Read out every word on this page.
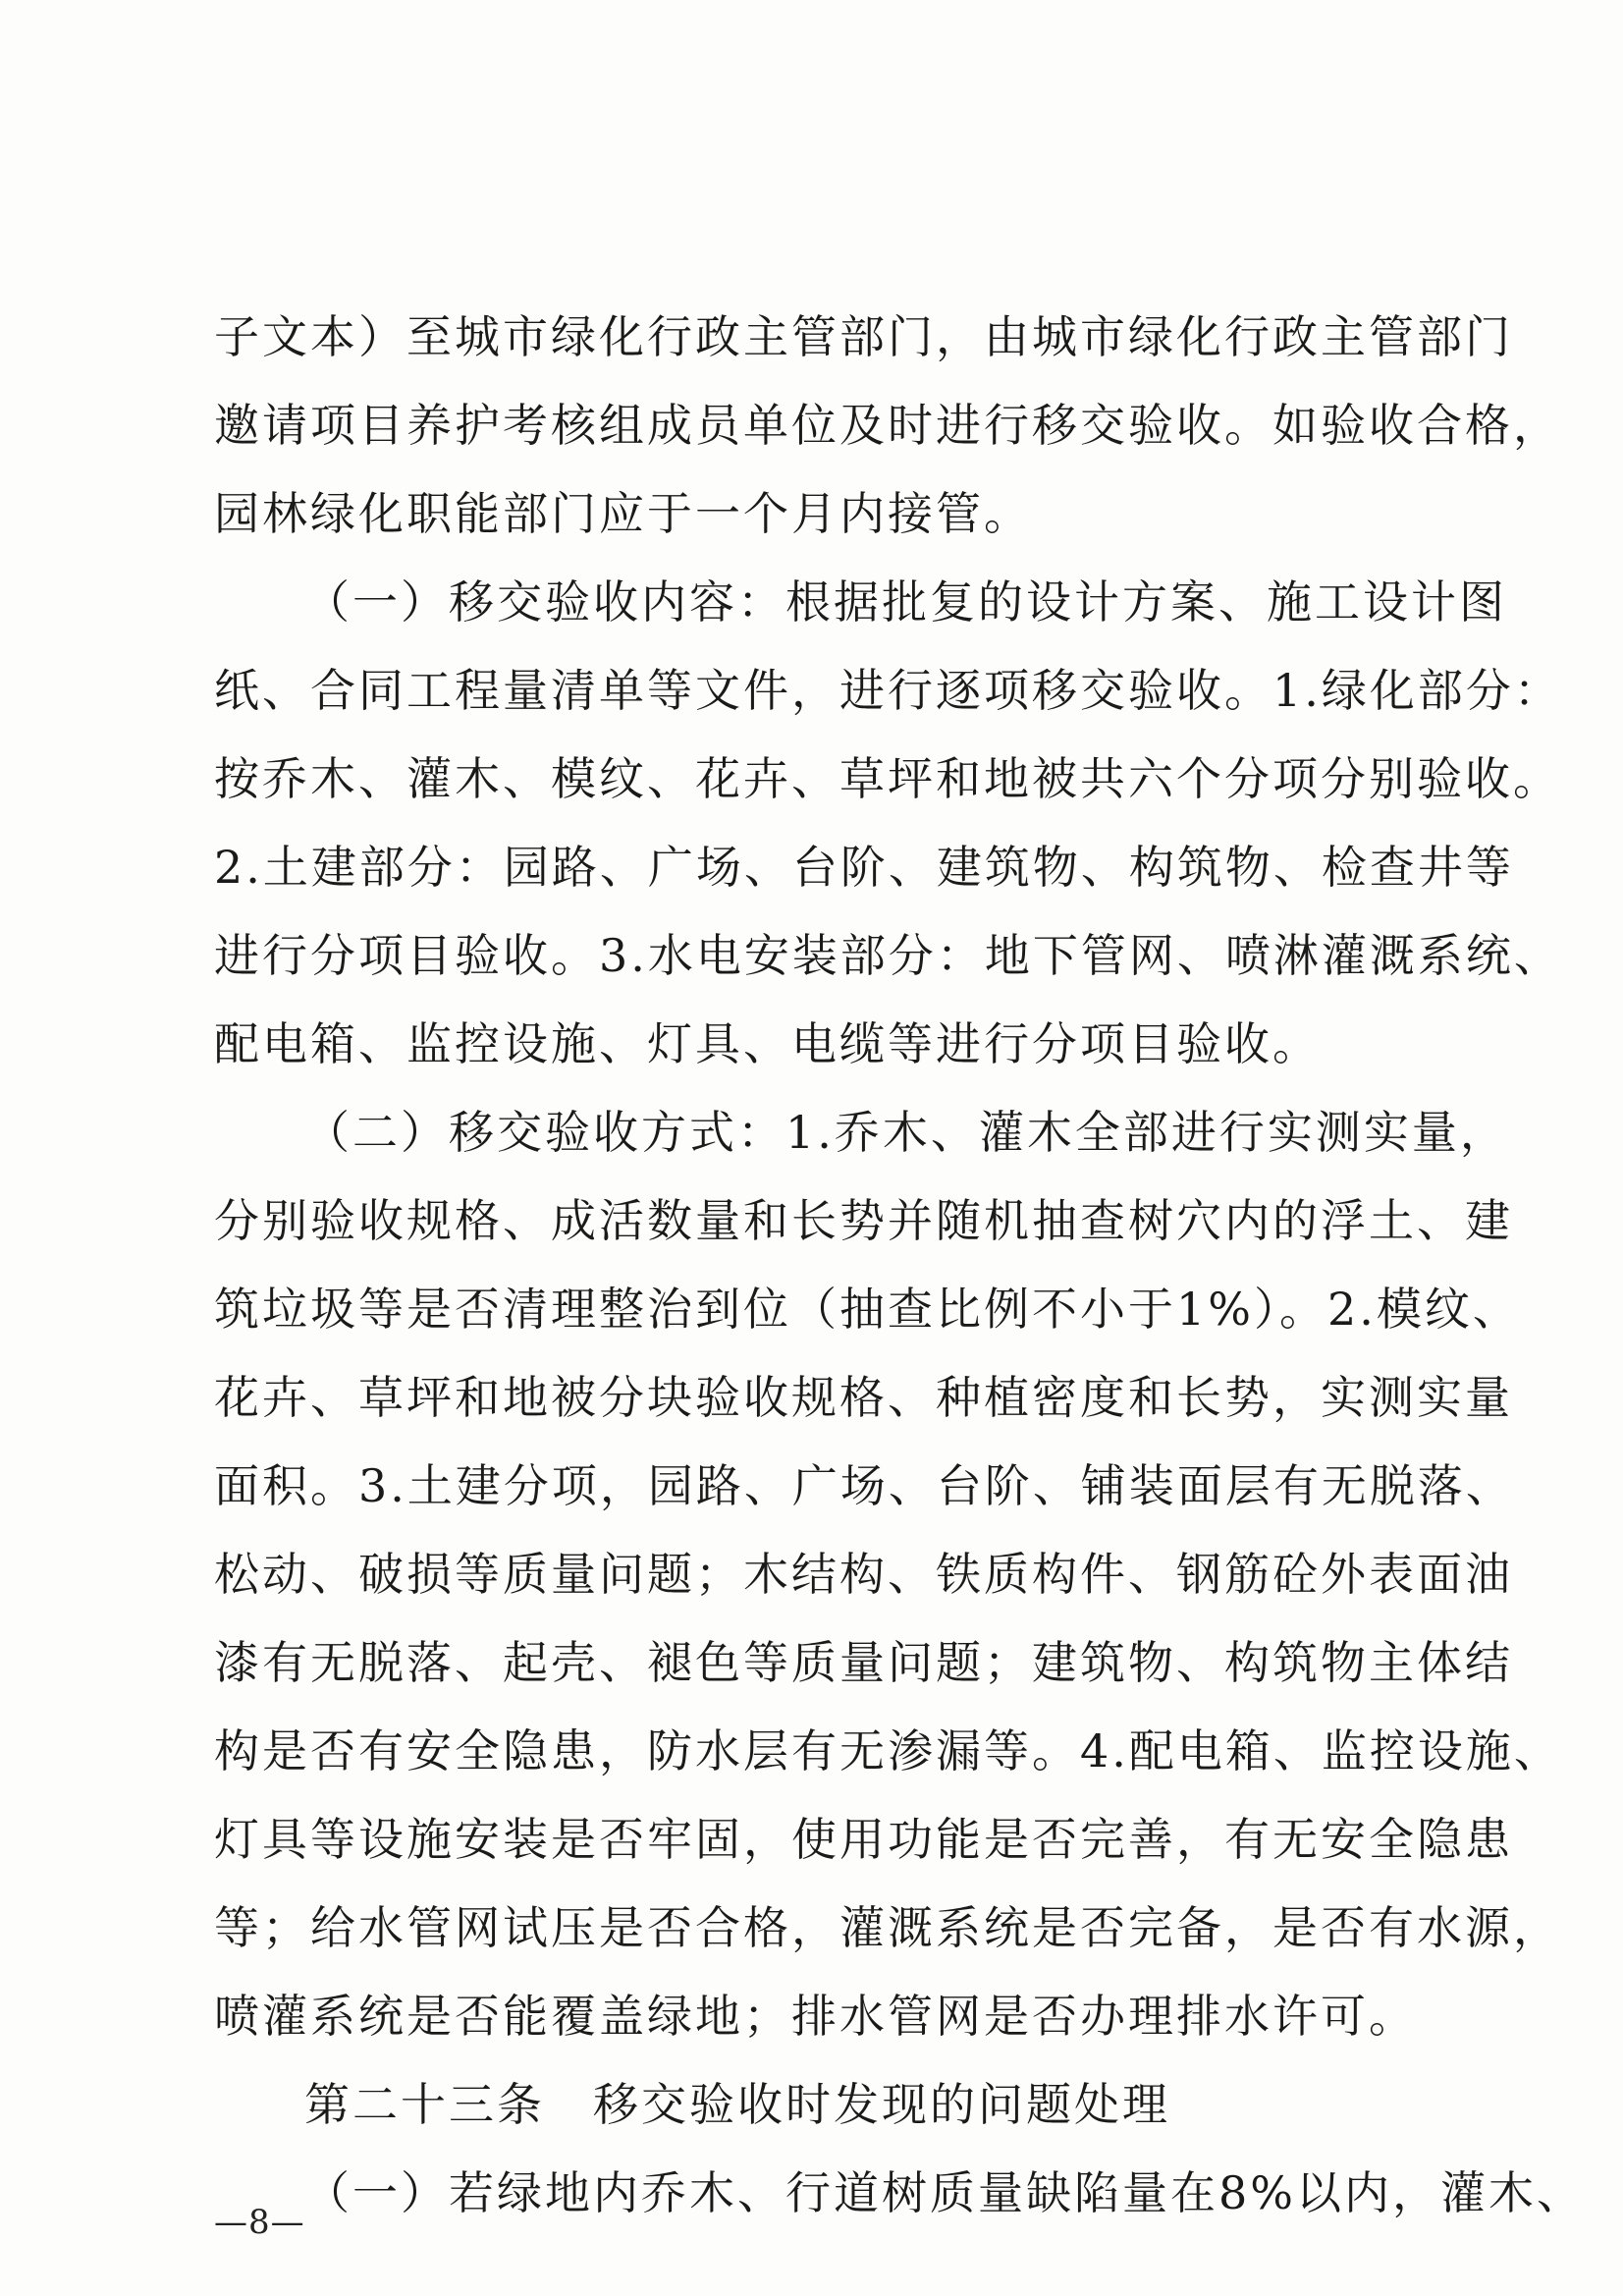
子文本）至城市绿化行政主管部门，由城市绿化行政主管部门
邀请项目养护考核组成员单位及时进行移交验收。如验收合格，
园林绿化职能部门应于一个月内接管。
（一）移交验收内容：根据批复的设计方案、施工设计图
纸、合同工程量清单等文件，进行逐项移交验收。1.绿化部分：
按乔木、灌木、模纹、花卉、草坪和地被共六个分项分别验收。
2.土建部分：园路、广场、台阶、建筑物、构筑物、检查井等
进行分项目验收。3.水电安装部分：地下管网、喷淋灌溉系统、
配电箱、监控设施、灯具、电缆等进行分项目验收。
（二）移交验收方式：1.乔木、灌木全部进行实测实量，
分别验收规格、成活数量和长势并随机抽查树穴内的浮土、建
筑垃圾等是否清理整治到位（抽查比例不小于1%）。2.模纹、
花卉、草坪和地被分块验收规格、种植密度和长势，实测实量
面积。3.土建分项，园路、广场、台阶、铺装面层有无脱落、
松动、破损等质量问题；木结构、铁质构件、钢筋砼外表面油
漆有无脱落、起壳、褪色等质量问题；建筑物、构筑物主体结
构是否有安全隐患，防水层有无渗漏等。4.配电箱、监控设施、
灯具等设施安装是否牢固，使用功能是否完善，有无安全隐患
等；给水管网试压是否合格，灌溉系统是否完备，是否有水源，
喷灌系统是否能覆盖绿地；排水管网是否办理排水许可。
第二十三条　移交验收时发现的问题处理
（一）若绿地内乔木、行道树质量缺陷量在8%以内，灌木、
—8—
